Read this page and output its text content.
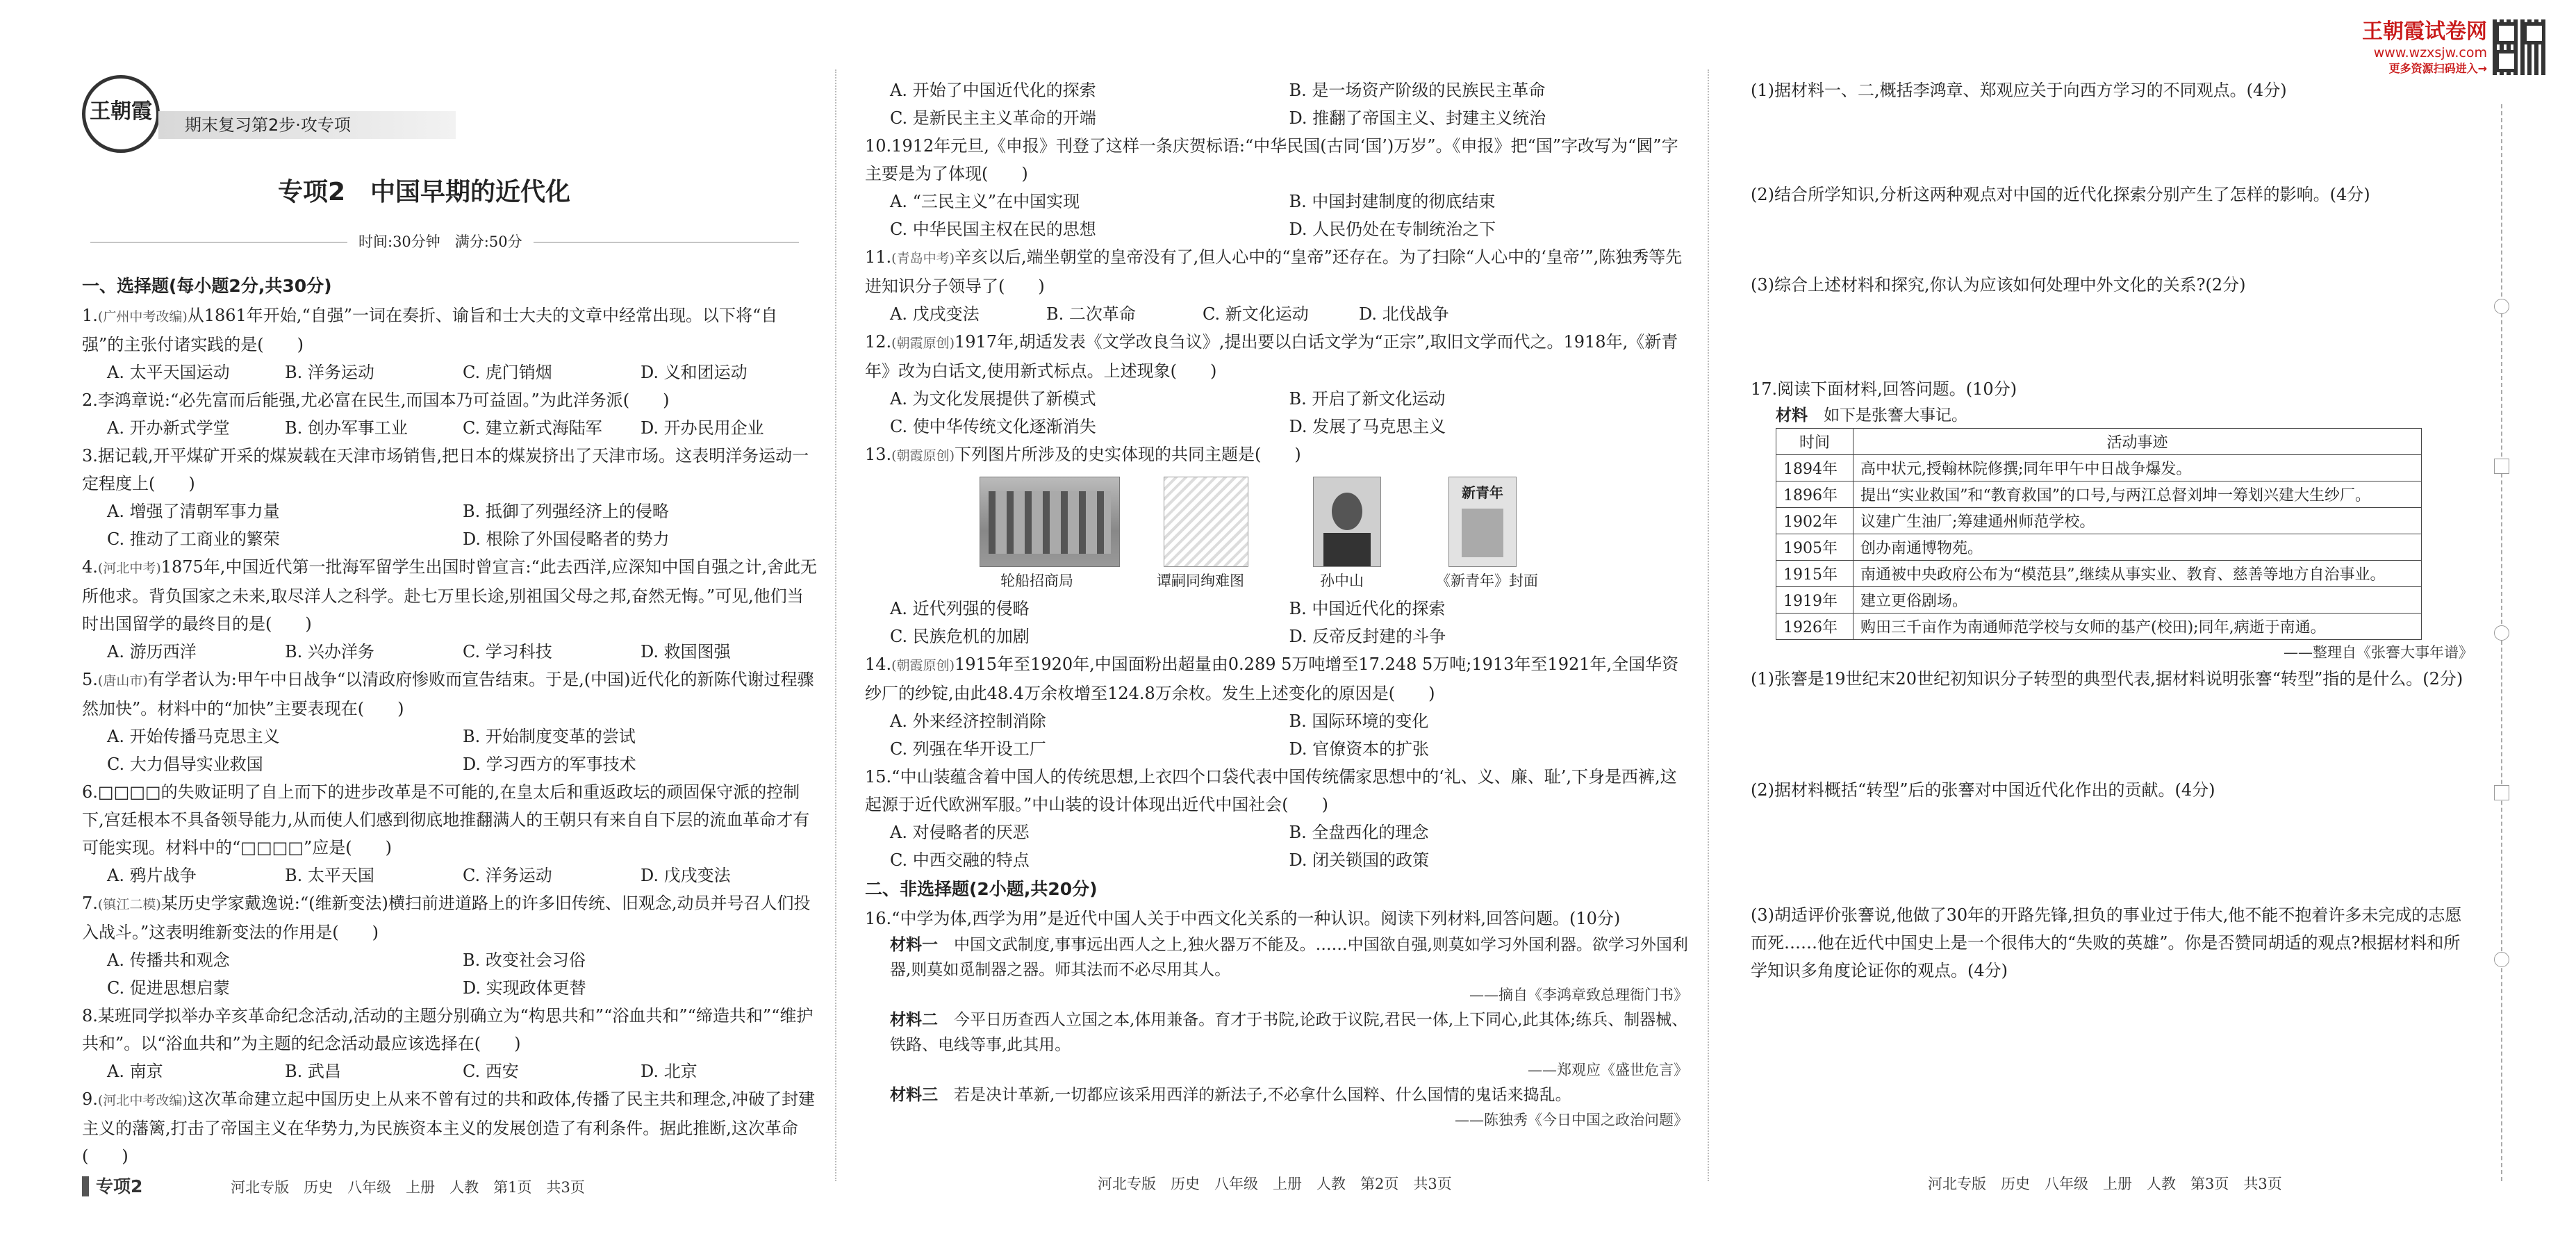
王朝霞试卷网
www.wzxsjw.com
更多资源扫码进入→
王朝霞
期末复习第2步·攻专项
专项2　中国早期的近代化
时间:30分钟　满分:50分
一、选择题(每小题2分,共30分)

1.(广州中考改编)从1861年开始,“自强”一词在奏折、谕旨和士大夫的文章中经常出现。以下将“自强”的主张付诸实践的是(　　)

A. 太平天国运动	B. 洋务运动	C. 虎门销烟	D. 义和团运动

2.李鸿章说:“必先富而后能强,尤必富在民生,而国本乃可益固。”为此洋务派(　　)

A. 开办新式学堂	B. 创办军事工业	C. 建立新式海陆军	D. 开办民用企业

3.据记载,开平煤矿开采的煤炭载在天津市场销售,把日本的煤炭挤出了天津市场。这表明洋务运动一定程度上(　　)

A. 增强了清朝军事力量	B. 抵御了列强经济上的侵略
C. 推动了工商业的繁荣	D. 根除了外国侵略者的势力

4.(河北中考)1875年,中国近代第一批海军留学生出国时曾宣言:“此去西洋,应深知中国自强之计,舍此无所他求。背负国家之未来,取尽洋人之科学。赴七万里长途,别祖国父母之邦,奋然无悔。”可见,他们当时出国留学的最终目的是(　　)

A. 游历西洋	B. 兴办洋务	C. 学习科技	D. 救国图强

5.(唐山市)有学者认为:甲午中日战争“以清政府惨败而宣告结束。于是,(中国)近代化的新陈代谢过程骤然加快”。材料中的“加快”主要表现在(　　)

A. 开始传播马克思主义	B. 开始制度变革的尝试
C. 大力倡导实业救国	D. 学习西方的军事技术

6.□□□□的失败证明了自上而下的进步改革是不可能的,在皇太后和重返政坛的顽固保守派的控制下,宫廷根本不具备领导能力,从而使人们感到彻底地推翻满人的王朝只有来自自下层的流血革命才有可能实现。材料中的“□□□□”应是(　　)

A. 鸦片战争	B. 太平天国	C. 洋务运动	D. 戊戌变法

7.(镇江二模)某历史学家戴逸说:“(维新变法)横扫前进道路上的许多旧传统、旧观念,动员并号召人们投入战斗。”这表明维新变法的作用是(　　)

A. 传播共和观念	B. 改变社会习俗
C. 促进思想启蒙	D. 实现政体更替

8.某班同学拟举办辛亥革命纪念活动,活动的主题分别确立为“构思共和”“浴血共和”“缔造共和”“维护共和”。以“浴血共和”为主题的纪念活动最应该选择在(　　)

A. 南京	B. 武昌	C. 西安	D. 北京

9.(河北中考改编)这次革命建立起中国历史上从来不曾有过的共和政体,传播了民主共和理念,冲破了封建主义的藩篱,打击了帝国主义在华势力,为民族资本主义的发展创造了有利条件。据此推断,这次革命(　　)

专项2	河北专版　历史　八年级　上册　人教　第1页　共3页
A. 开始了中国近代化的探索	B. 是一场资产阶级的民族民主革命
C. 是新民主主义革命的开端	D. 推翻了帝国主义、封建主义统治

10.1912年元旦,《申报》刊登了这样一条庆贺标语:“中华民国(古同‘国’)万岁”。《申报》把“国”字改写为“囻”字主要是为了体现(　　)

A. “三民主义”在中国实现	B. 中国封建制度的彻底结束
C. 中华民国主权在民的思想	D. 人民仍处在专制统治之下

11.(青岛中考)辛亥以后,端坐朝堂的皇帝没有了,但人心中的“皇帝”还存在。为了扫除“人心中的‘皇帝’”,陈独秀等先进知识分子领导了(　　)

A. 戊戌变法	B. 二次革命	C. 新文化运动	D. 北伐战争

12.(朝霞原创)1917年,胡适发表《文学改良刍议》,提出要以白话文学为“正宗”,取旧文学而代之。1918年,《新青年》改为白话文,使用新式标点。上述现象(　　)

A. 为文化发展提供了新模式	B. 开启了新文化运动
C. 使中华传统文化逐渐消失	D. 发展了马克思主义

13.(朝霞原创)下列图片所涉及的史实体现的共同主题是(　　)

轮船招商局	谭嗣同绚难图	孙中山
新青年
《新青年》封面
A. 近代列强的侵略	B. 中国近代化的探索
C. 民族危机的加剧	D. 反帝反封建的斗争

14.(朝霞原创)1915年至1920年,中国面粉出超量由0.289 5万吨增至17.248 5万吨;1913年至1921年,全国华资纱厂的纱锭,由此48.4万余枚增至124.8万余枚。发生上述变化的原因是(　　)

A. 外来经济控制消除	B. 国际环境的变化
C. 列强在华开设工厂	D. 官僚资本的扩张

15.“中山装蕴含着中国人的传统思想,上衣四个口袋代表中国传统儒家思想中的‘礼、义、廉、耻’,下身是西裤,这起源于近代欧洲军服。”中山装的设计体现出近代中国社会(　　)

A. 对侵略者的厌恶	B. 全盘西化的理念
C. 中西交融的特点	D. 闭关锁国的政策
二、非选择题(2小题,共20分)

16.“中学为体,西学为用”是近代中国人关于中西文化关系的一种认识。阅读下列材料,回答问题。(10分)

材料一　 中国文武制度,事事远出西人之上,独火器万不能及。……中国欲自强,则莫如学习外国利器。欲学习外国利器,则莫如觅制器之器。师其法而不必尽用其人。

——摘自《李鸿章致总理衙门书》

材料二　 今平日历查西人立国之本,体用兼备。育才于书院,论政于议院,君民一体,上下同心,此其体;练兵、制器械、铁路、电线等事,此其用。

——郑观应《盛世危言》

材料三　 若是决计革新,一切都应该采用西洋的新法子,不必拿什么国粹、什么国情的鬼话来捣乱。

——陈独秀《今日中国之政治问题》
河北专版　历史　八年级　上册　人教　第2页　共3页

(1)据材料一、二,概括李鸿章、郑观应关于向西方学习的不同观点。(4分)

(2)结合所学知识,分析这两种观点对中国的近代化探索分别产生了怎样的影响。(4分)

(3)综合上述材料和探究,你认为应该如何处理中外文化的关系?(2分)

17.阅读下面材料,回答问题。(10分)

材料　 如下是张謇大事记。

时间	活动事迹
1894年	高中状元,授翰林院修撰;同年甲午中日战争爆发。
1896年	提出“实业救国”和“教育救国”的口号,与两江总督刘坤一筹划兴建大生纱厂。
1902年	议建广生油厂;筹建通州师范学校。
1905年	创办南通博物苑。
1915年	南通被中央政府公布为“模范县”,继续从事实业、教育、慈善等地方自治事业。
1919年	建立更俗剧场。
1926年	购田三千亩作为南通师范学校与女师的基产(校田);同年,病逝于南通。
——整理自《张謇大事年谱》

(1)张謇是19世纪末20世纪初知识分子转型的典型代表,据材料说明张謇“转型”指的是什么。(2分)

(2)据材料概括“转型”后的张謇对中国近代化作出的贡献。(4分)

(3)胡适评价张謇说,他做了30年的开路先锋,担负的事业过于伟大,他不能不抱着许多未完成的志愿而死……他在近代中国史上是一个很伟大的“失败的英雄”。你是否赞同胡适的观点?根据材料和所学知识多角度论证你的观点。(4分)

河北专版　历史　八年级　上册　人教　第3页　共3页
